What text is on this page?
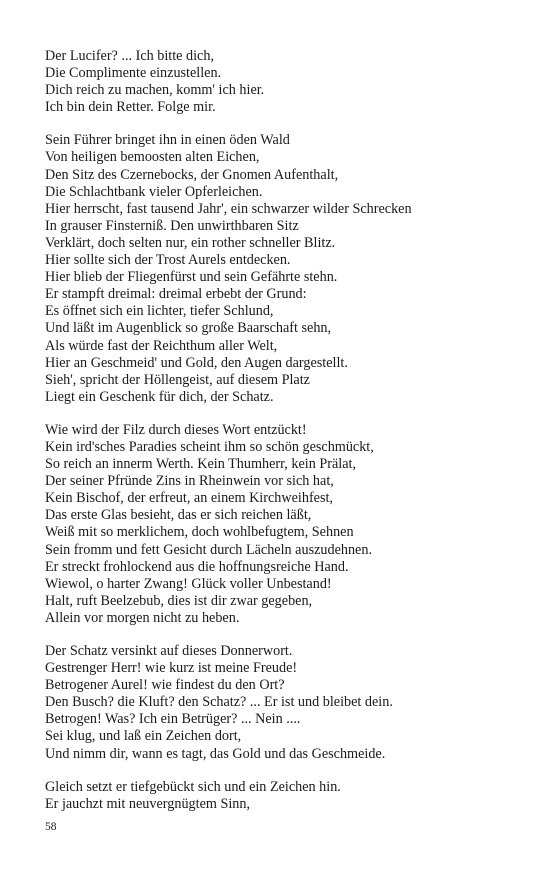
Der Lucifer? ... Ich bitte dich,
Die Complimente einzustellen.
Dich reich zu machen, komm' ich hier.
Ich bin dein Retter. Folge mir.
Sein Führer bringet ihn in einen öden Wald
Von heiligen bemoosten alten Eichen,
Den Sitz des Czernebocks, der Gnomen Aufenthalt,
Die Schlachtbank vieler Opferleichen.
Hier herrscht, fast tausend Jahr', ein schwarzer wilder Schrecken
In grauser Finsterniß. Den unwirthbaren Sitz
Verklärt, doch selten nur, ein rother schneller Blitz.
Hier sollte sich der Trost Aurels entdecken.
Hier blieb der Fliegenfürst und sein Gefährte stehn.
Er stampft dreimal: dreimal erbebt der Grund:
Es öffnet sich ein lichter, tiefer Schlund,
Und läßt im Augenblick so große Baarschaft sehn,
Als würde fast der Reichthum aller Welt,
Hier an Geschmeid' und Gold, den Augen dargestellt.
Sieh', spricht der Höllengeist, auf diesem Platz
Liegt ein Geschenk für dich, der Schatz.
Wie wird der Filz durch dieses Wort entzückt!
Kein ird'sches Paradies scheint ihm so schön geschmückt,
So reich an innerm Werth. Kein Thumherr, kein Prälat,
Der seiner Pfründe Zins in Rheinwein vor sich hat,
Kein Bischof, der erfreut, an einem Kirchweihfest,
Das erste Glas besieht, das er sich reichen läßt,
Weiß mit so merklichem, doch wohlbefugtem, Sehnen
Sein fromm und fett Gesicht durch Lächeln auszudehnen.
Er streckt frohlockend aus die hoffnungsreiche Hand.
Wiewol, o harter Zwang! Glück voller Unbestand!
Halt, ruft Beelzebub, dies ist dir zwar gegeben,
Allein vor morgen nicht zu heben.
Der Schatz versinkt auf dieses Donnerwort.
Gestrenger Herr! wie kurz ist meine Freude!
Betrogener Aurel! wie findest du den Ort?
Den Busch? die Kluft? den Schatz? ... Er ist und bleibet dein.
Betrogen! Was? Ich ein Betrüger? ... Nein ....
Sei klug, und laß ein Zeichen dort,
Und nimm dir, wann es tagt, das Gold und das Geschmeide.
Gleich setzt er tiefgebückt sich und ein Zeichen hin.
Er jauchzt mit neuvergnügtem Sinn,
58
